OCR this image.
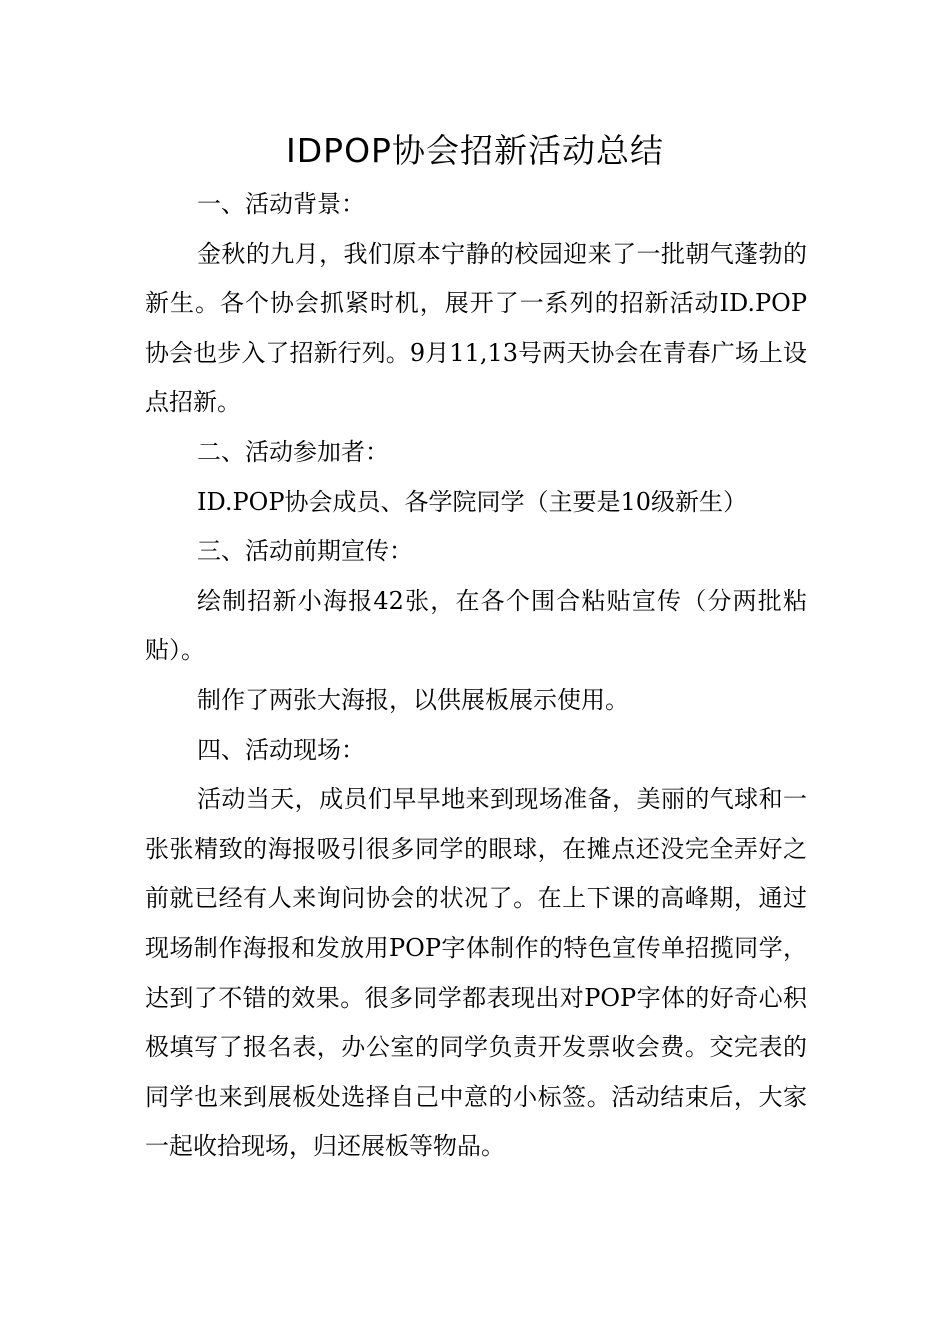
IDPOP协会招新活动总结

一、活动背景：

金秋的九月，我们原本宁静的校园迎来了一批朝气蓬勃的新生。各个协会抓紧时机，展开了一系列的招新活动ID.POP协会也步入了招新行列。9月11,13号两天协会在青春广场上设点招新。

二、活动参加者：

ID.POP协会成员、各学院同学（主要是10级新生）

三、活动前期宣传：

绘制招新小海报42张，在各个围合粘贴宣传（分两批粘贴）。

制作了两张大海报，以供展板展示使用。

四、活动现场：

活动当天，成员们早早地来到现场准备，美丽的气球和一张张精致的海报吸引很多同学的眼球，在摊点还没完全弄好之前就已经有人来询问协会的状况了。在上下课的高峰期，通过现场制作海报和发放用POP字体制作的特色宣传单招揽同学，达到了不错的效果。很多同学都表现出对POP字体的好奇心积极填写了报名表，办公室的同学负责开发票收会费。交完表的同学也来到展板处选择自己中意的小标签。活动结束后，大家一起收拾现场，归还展板等物品。
